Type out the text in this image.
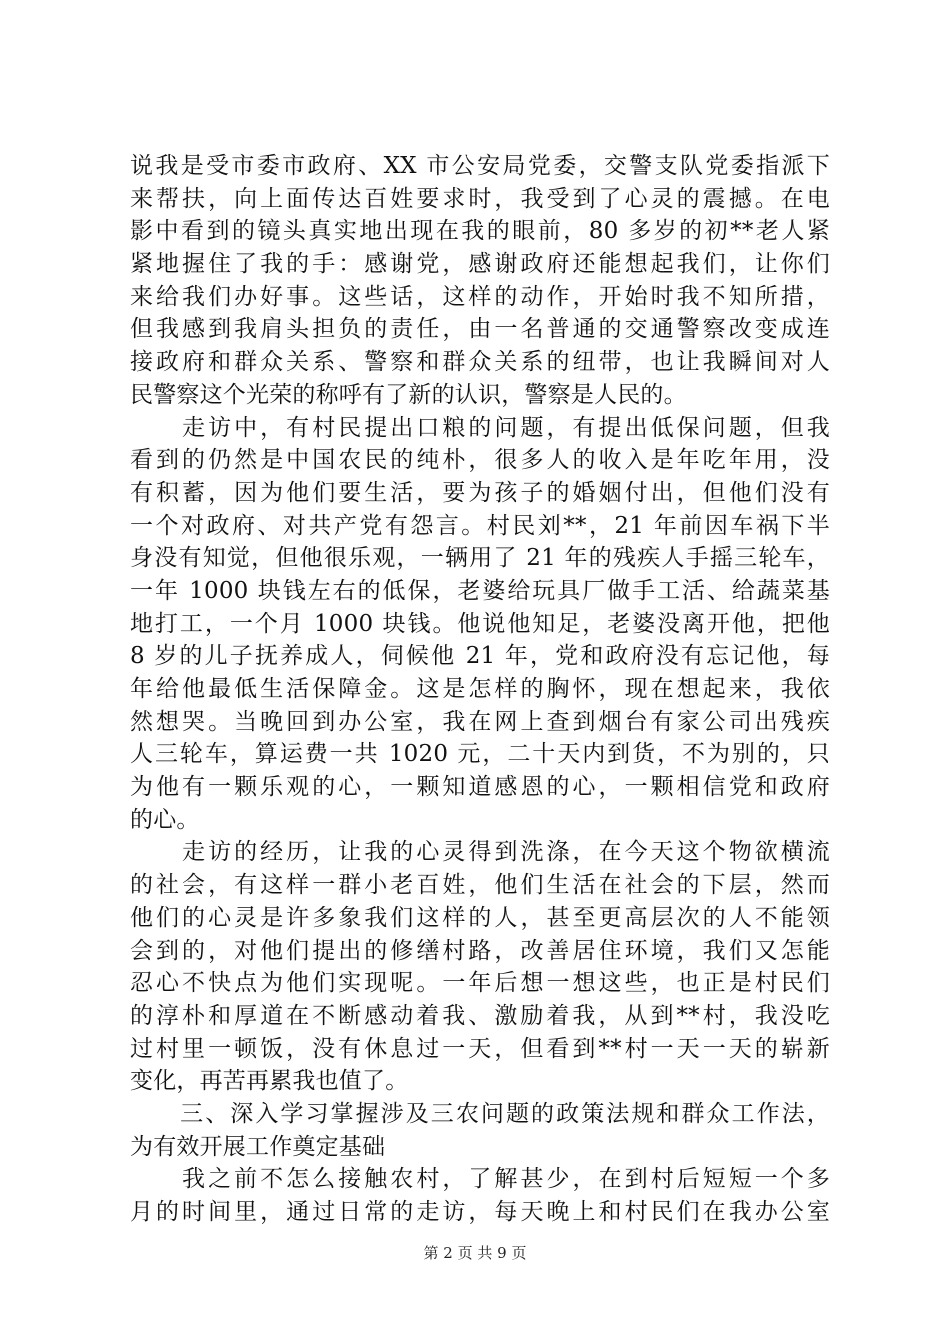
说我是受市委市政府、XX 市公安局党委，交警支队党委指派下
来帮扶，向上面传达百姓要求时，我受到了心灵的震撼。在电
影中看到的镜头真实地出现在我的眼前，80 多岁的初**老人紧
紧地握住了我的手：感谢党，感谢政府还能想起我们，让你们
来给我们办好事。这些话，这样的动作，开始时我不知所措，
但我感到我肩头担负的责任，由一名普通的交通警察改变成连
接政府和群众关系、警察和群众关系的纽带，也让我瞬间对人
民警察这个光荣的称呼有了新的认识，警察是人民的。
　　走访中，有村民提出口粮的问题，有提出低保问题，但我
看到的仍然是中国农民的纯朴，很多人的收入是年吃年用，没
有积蓄，因为他们要生活，要为孩子的婚姻付出，但他们没有
一个对政府、对共产党有怨言。村民刘**，21 年前因车祸下半
身没有知觉，但他很乐观，一辆用了 21 年的残疾人手摇三轮车，
一年 1000 块钱左右的低保，老婆给玩具厂做手工活、给蔬菜基
地打工，一个月 1000 块钱。他说他知足，老婆没离开他，把他
8 岁的儿子抚养成人，伺候他 21 年，党和政府没有忘记他，每
年给他最低生活保障金。这是怎样的胸怀，现在想起来，我依
然想哭。当晚回到办公室，我在网上查到烟台有家公司出残疾
人三轮车，算运费一共 1020 元，二十天内到货，不为别的，只
为他有一颗乐观的心，一颗知道感恩的心，一颗相信党和政府
的心。
　　走访的经历，让我的心灵得到洗涤，在今天这个物欲横流
的社会，有这样一群小老百姓，他们生活在社会的下层，然而
他们的心灵是许多象我们这样的人，甚至更高层次的人不能领
会到的，对他们提出的修缮村路，改善居住环境，我们又怎能
忍心不快点为他们实现呢。一年后想一想这些，也正是村民们
的淳朴和厚道在不断感动着我、激励着我，从到**村，我没吃
过村里一顿饭，没有休息过一天，但看到**村一天一天的崭新
变化，再苦再累我也值了。
　　三、深入学习掌握涉及三农问题的政策法规和群众工作法，
为有效开展工作奠定基础
　　我之前不怎么接触农村，了解甚少，在到村后短短一个多
月的时间里，通过日常的走访，每天晚上和村民们在我办公室
第 2 页 共 9 页
